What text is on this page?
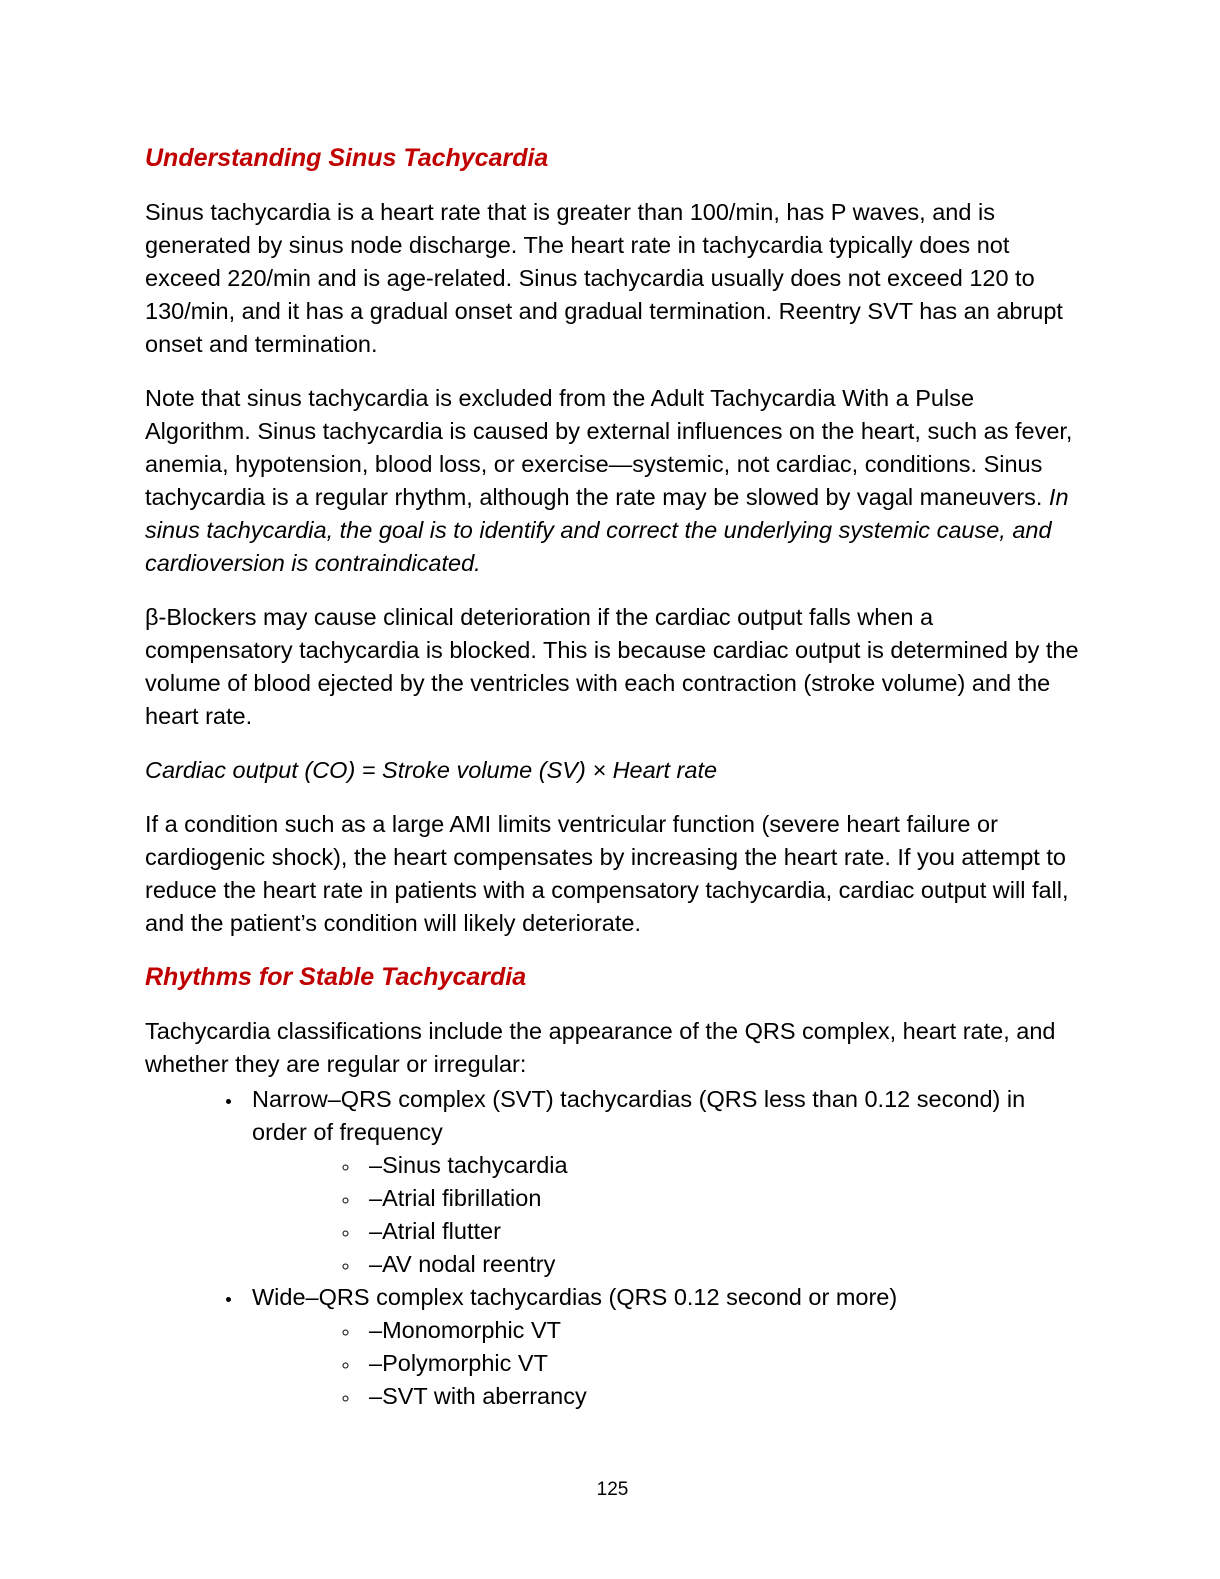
Understanding Sinus Tachycardia

Sinus tachycardia is a heart rate that is greater than 100/min, has P waves, and is generated by sinus node discharge. The heart rate in tachycardia typically does not exceed 220/min and is age-related. Sinus tachycardia usually does not exceed 120 to 130/min, and it has a gradual onset and gradual termination. Reentry SVT has an abrupt onset and termination.

Note that sinus tachycardia is excluded from the Adult Tachycardia With a Pulse Algorithm. Sinus tachycardia is caused by external influences on the heart, such as fever, anemia, hypotension, blood loss, or exercise—systemic, not cardiac, conditions. Sinus tachycardia is a regular rhythm, although the rate may be slowed by vagal maneuvers. In sinus tachycardia, the goal is to identify and correct the underlying systemic cause, and cardioversion is contraindicated.

β-Blockers may cause clinical deterioration if the cardiac output falls when a compensatory tachycardia is blocked. This is because cardiac output is determined by the volume of blood ejected by the ventricles with each contraction (stroke volume) and the heart rate.

Cardiac output (CO) = Stroke volume (SV) × Heart rate

If a condition such as a large AMI limits ventricular function (severe heart failure or cardiogenic shock), the heart compensates by increasing the heart rate. If you attempt to reduce the heart rate in patients with a compensatory tachycardia, cardiac output will fall, and the patient’s condition will likely deteriorate.

Rhythms for Stable Tachycardia

Tachycardia classifications include the appearance of the QRS complex, heart rate, and whether they are regular or irregular:

• Narrow–QRS complex (SVT) tachycardias (QRS less than 0.12 second) in order of frequency
◦ –Sinus tachycardia
◦ –Atrial fibrillation
◦ –Atrial flutter
◦ –AV nodal reentry
• Wide–QRS complex tachycardias (QRS 0.12 second or more)
◦ –Monomorphic VT
◦ –Polymorphic VT
◦ –SVT with aberrancy
125
